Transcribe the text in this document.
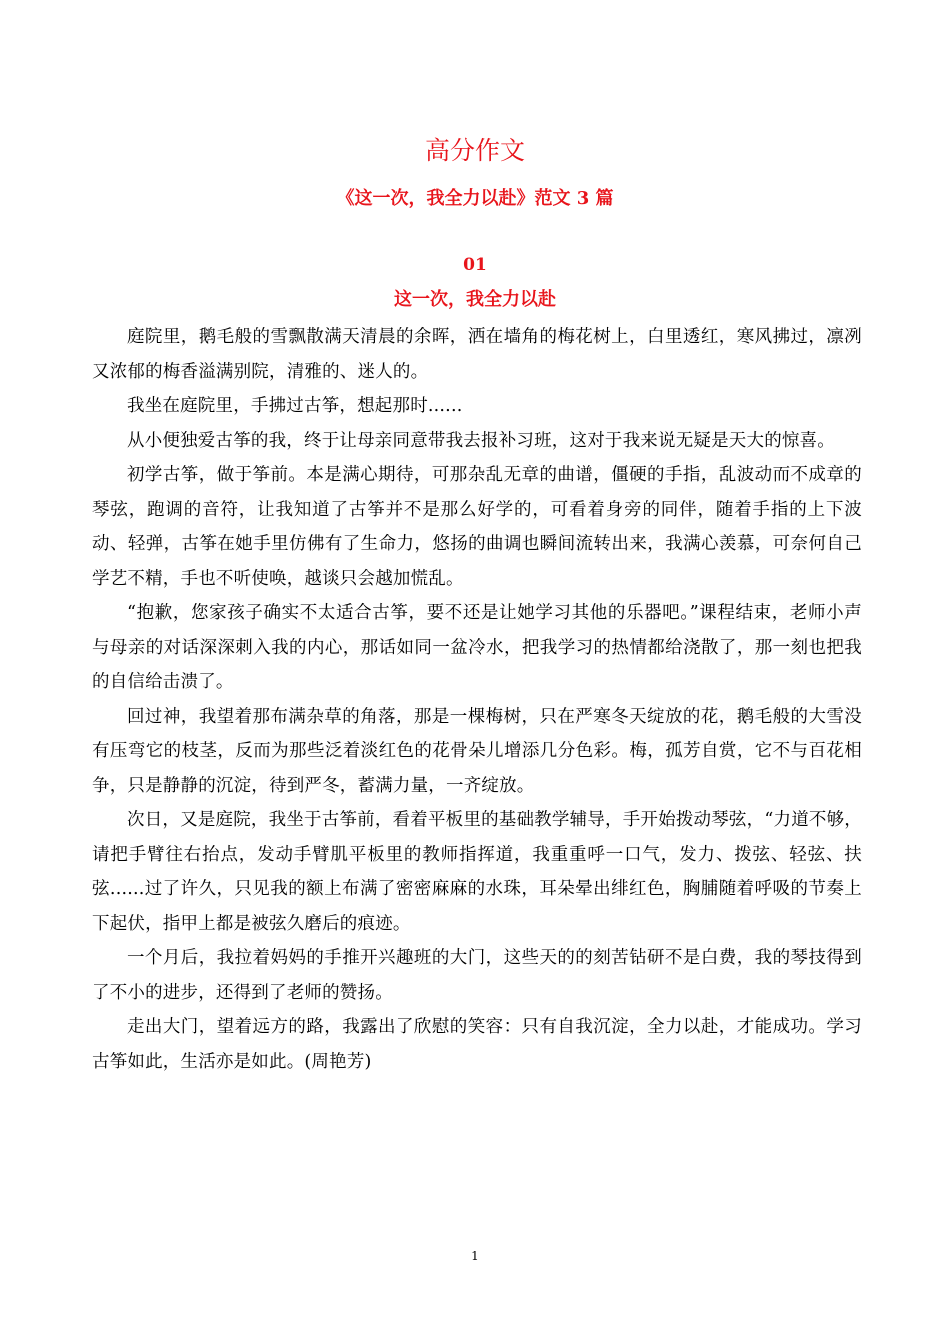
高分作文
《这一次，我全力以赴》范文 3 篇
01
这一次，我全力以赴

庭院里，鹅毛般的雪飘散满天清晨的余晖，洒在墙角的梅花树上，白里透红，寒风拂过，凛冽又浓郁的梅香溢满别院，清雅的、迷人的。

我坐在庭院里，手拂过古筝，想起那时......

从小便独爱古筝的我，终于让母亲同意带我去报补习班，这对于我来说无疑是天大的惊喜。

初学古筝，做于筝前。本是满心期待，可那杂乱无章的曲谱，僵硬的手指，乱波动而不成章的琴弦，跑调的音符，让我知道了古筝并不是那么好学的，可看着身旁的同伴，随着手指的上下波动、轻弹，古筝在她手里仿佛有了生命力，悠扬的曲调也瞬间流转出来，我满心羡慕，可奈何自己学艺不精，手也不听使唤，越谈只会越加慌乱。

“抱歉，您家孩子确实不太适合古筝，要不还是让她学习其他的乐器吧。”课程结束，老师小声与母亲的对话深深刺入我的内心，那话如同一盆冷水，把我学习的热情都给浇散了，那一刻也把我的自信给击溃了。

回过神，我望着那布满杂草的角落，那是一棵梅树，只在严寒冬天绽放的花，鹅毛般的大雪没有压弯它的枝茎，反而为那些泛着淡红色的花骨朵儿增添几分色彩。梅，孤芳自赏，它不与百花相争，只是静静的沉淀，待到严冬，蓄满力量，一齐绽放。

次日，又是庭院，我坐于古筝前，看着平板里的基础教学辅导，手开始拨动琴弦，“力道不够，请把手臂往右抬点，发动手臂肌平板里的教师指挥道，我重重呼一口气，发力、拨弦、轻弦、扶弦......过了许久，只见我的额上布满了密密麻麻的水珠，耳朵晕出绯红色，胸脯随着呼吸的节奏上下起伏，指甲上都是被弦久磨后的痕迹。

一个月后，我拉着妈妈的手推开兴趣班的大门，这些天的的刻苦钻研不是白费，我的琴技得到了不小的进步，还得到了老师的赞扬。

走出大门，望着远方的路，我露出了欣慰的笑容：只有自我沉淀，全力以赴，才能成功。学习古筝如此，生活亦是如此。(周艳芳)

1
